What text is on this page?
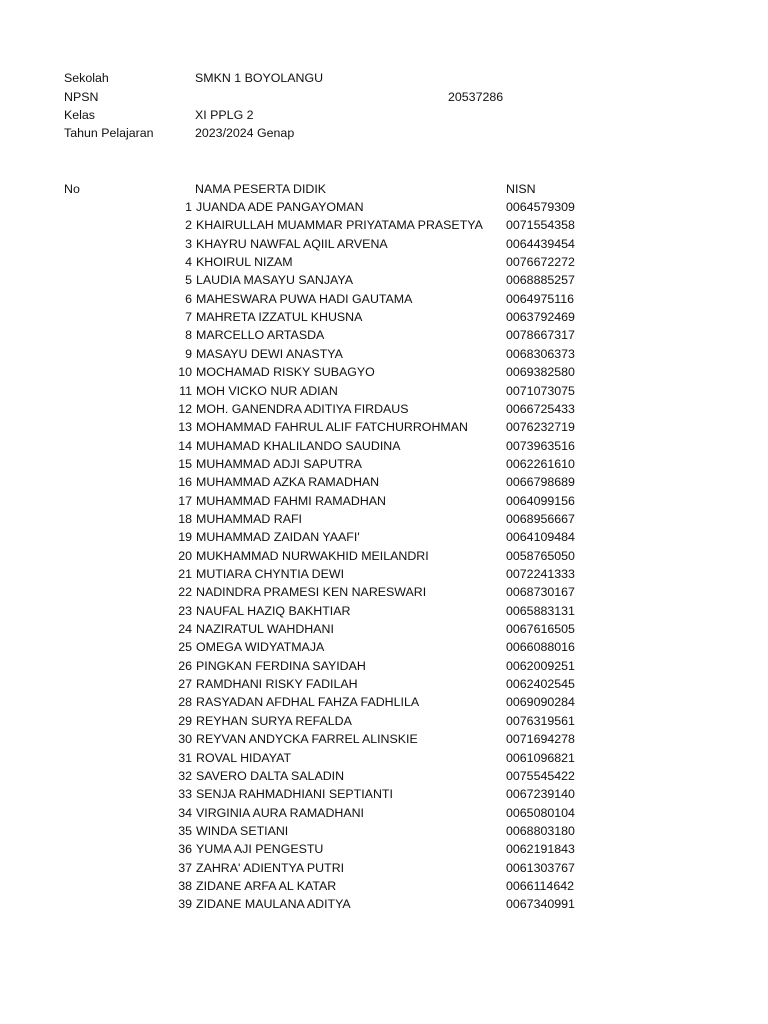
Sekolah	SMKN 1 BOYOLANGU
NPSN	20537286
Kelas	XI PPLG 2
Tahun Pelajaran	2023/2024 Genap
No	NAMA PESERTA DIDIK	NISN
1 JUANDA ADE PANGAYOMAN	0064579309
2 KHAIRULLAH MUAMMAR PRIYATAMA PRASETYA 0071554358
3 KHAYRU NAWFAL AQIIL ARVENA	0064439454
4 KHOIRUL NIZAM	0076672272
5 LAUDIA MASAYU SANJAYA	0068885257
6 MAHESWARA PUWA HADI GAUTAMA	0064975116
7 MAHRETA IZZATUL KHUSNA	0063792469
8 MARCELLO ARTASDA	0078667317
9 MASAYU DEWI ANASTYA	0068306373
10 MOCHAMAD RISKY SUBAGYO	0069382580
11 MOH VICKO NUR ADIAN	0071073075
12 MOH. GANENDRA ADITIYA FIRDAUS	0066725433
13 MOHAMMAD FAHRUL ALIF FATCHURROHMAN	0076232719
14 MUHAMAD KHALILANDO SAUDINA	0073963516
15 MUHAMMAD ADJI SAPUTRA	0062261610
16 MUHAMMAD AZKA RAMADHAN	0066798689
17 MUHAMMAD FAHMI RAMADHAN	0064099156
18 MUHAMMAD RAFI	0068956667
19 MUHAMMAD ZAIDAN YAAFI'	0064109484
20 MUKHAMMAD NURWAKHID MEILANDRI	0058765050
21 MUTIARA CHYNTIA DEWI	0072241333
22 NADINDRA PRAMESI KEN NARESWARI	0068730167
23 NAUFAL HAZIQ BAKHTIAR	0065883131
24 NAZIRATUL WAHDHANI	0067616505
25 OMEGA WIDYATMAJA	0066088016
26 PINGKAN FERDINA SAYIDAH	0062009251
27 RAMDHANI RISKY FADILAH	0062402545
28 RASYADAN AFDHAL FAHZA FADHLILA	0069090284
29 REYHAN SURYA REFALDA	0076319561
30 REYVAN ANDYCKA FARREL ALINSKIE	0071694278
31 ROVAL HIDAYAT	0061096821
32 SAVERO DALTA SALADIN	0075545422
33 SENJA RAHMADHIANI SEPTIANTI	0067239140
34 VIRGINIA AURA RAMADHANI	0065080104
35 WINDA SETIANI	0068803180
36 YUMA AJI PENGESTU	0062191843
37 ZAHRA' ADIENTYA PUTRI	0061303767
38 ZIDANE ARFA AL KATAR	0066114642
39 ZIDANE MAULANA ADITYA	0067340991
